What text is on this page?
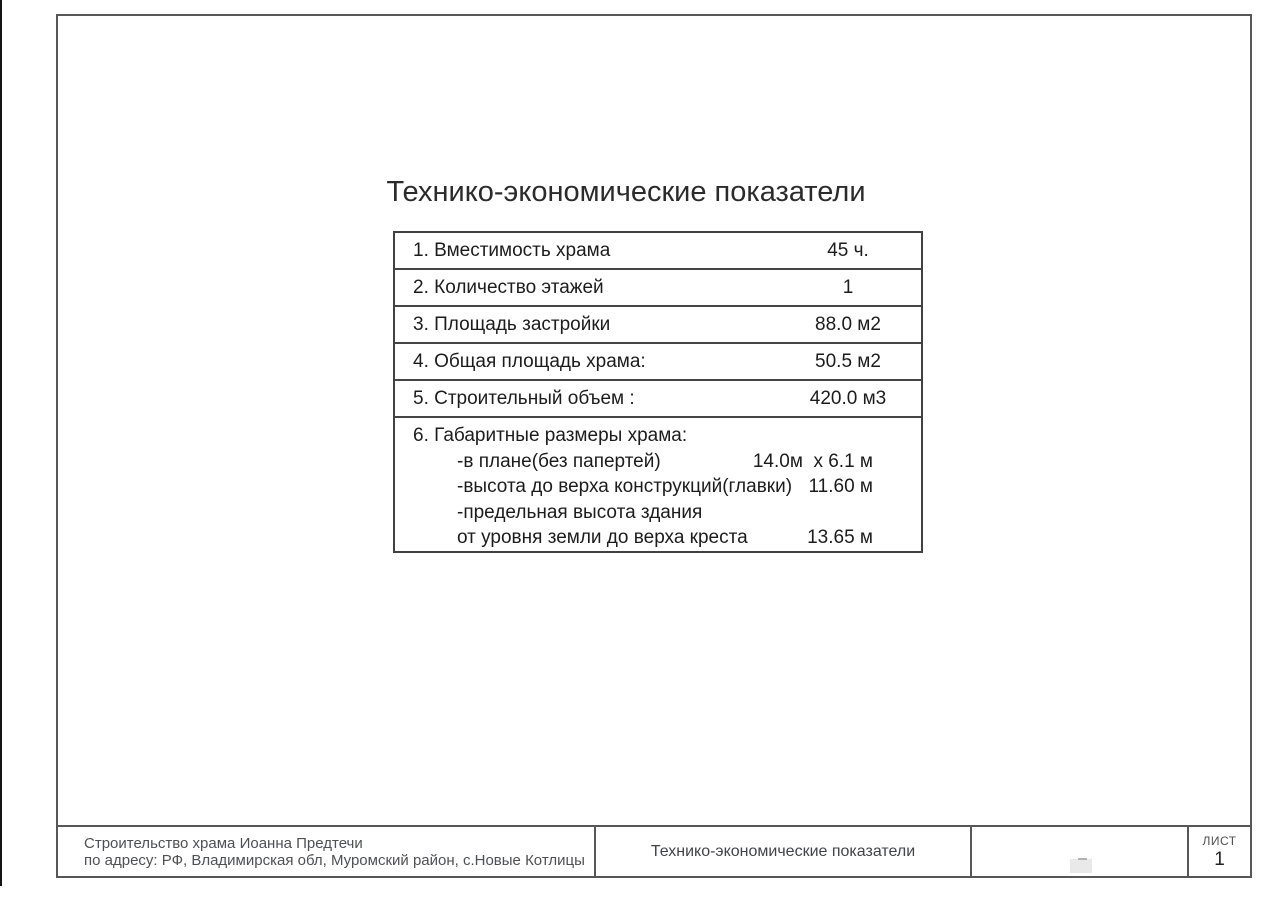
Технико-экономические показатели
1. Вместимость храма	45 ч.
2. Количество этажей	1
3. Площадь застройки	88.0 м2
4. Общая площадь храма:	50.5 м2
5. Строительный объем :	420.0 м3
6. Габаритные размеры храма:
-в плане(без папертей)	14.0м  x 6.1 м
-высота до верха конструкций(главки) 11.60 м
-предельная высота здания
от уровня земли до верха креста	13.65 м
Строительство храма Иоанна Предтечи
по адресу: РФ, Владимирская обл, Муромский район, с.Новые Котлицы
Технико-экономические показатели
ЛИСТ
1
